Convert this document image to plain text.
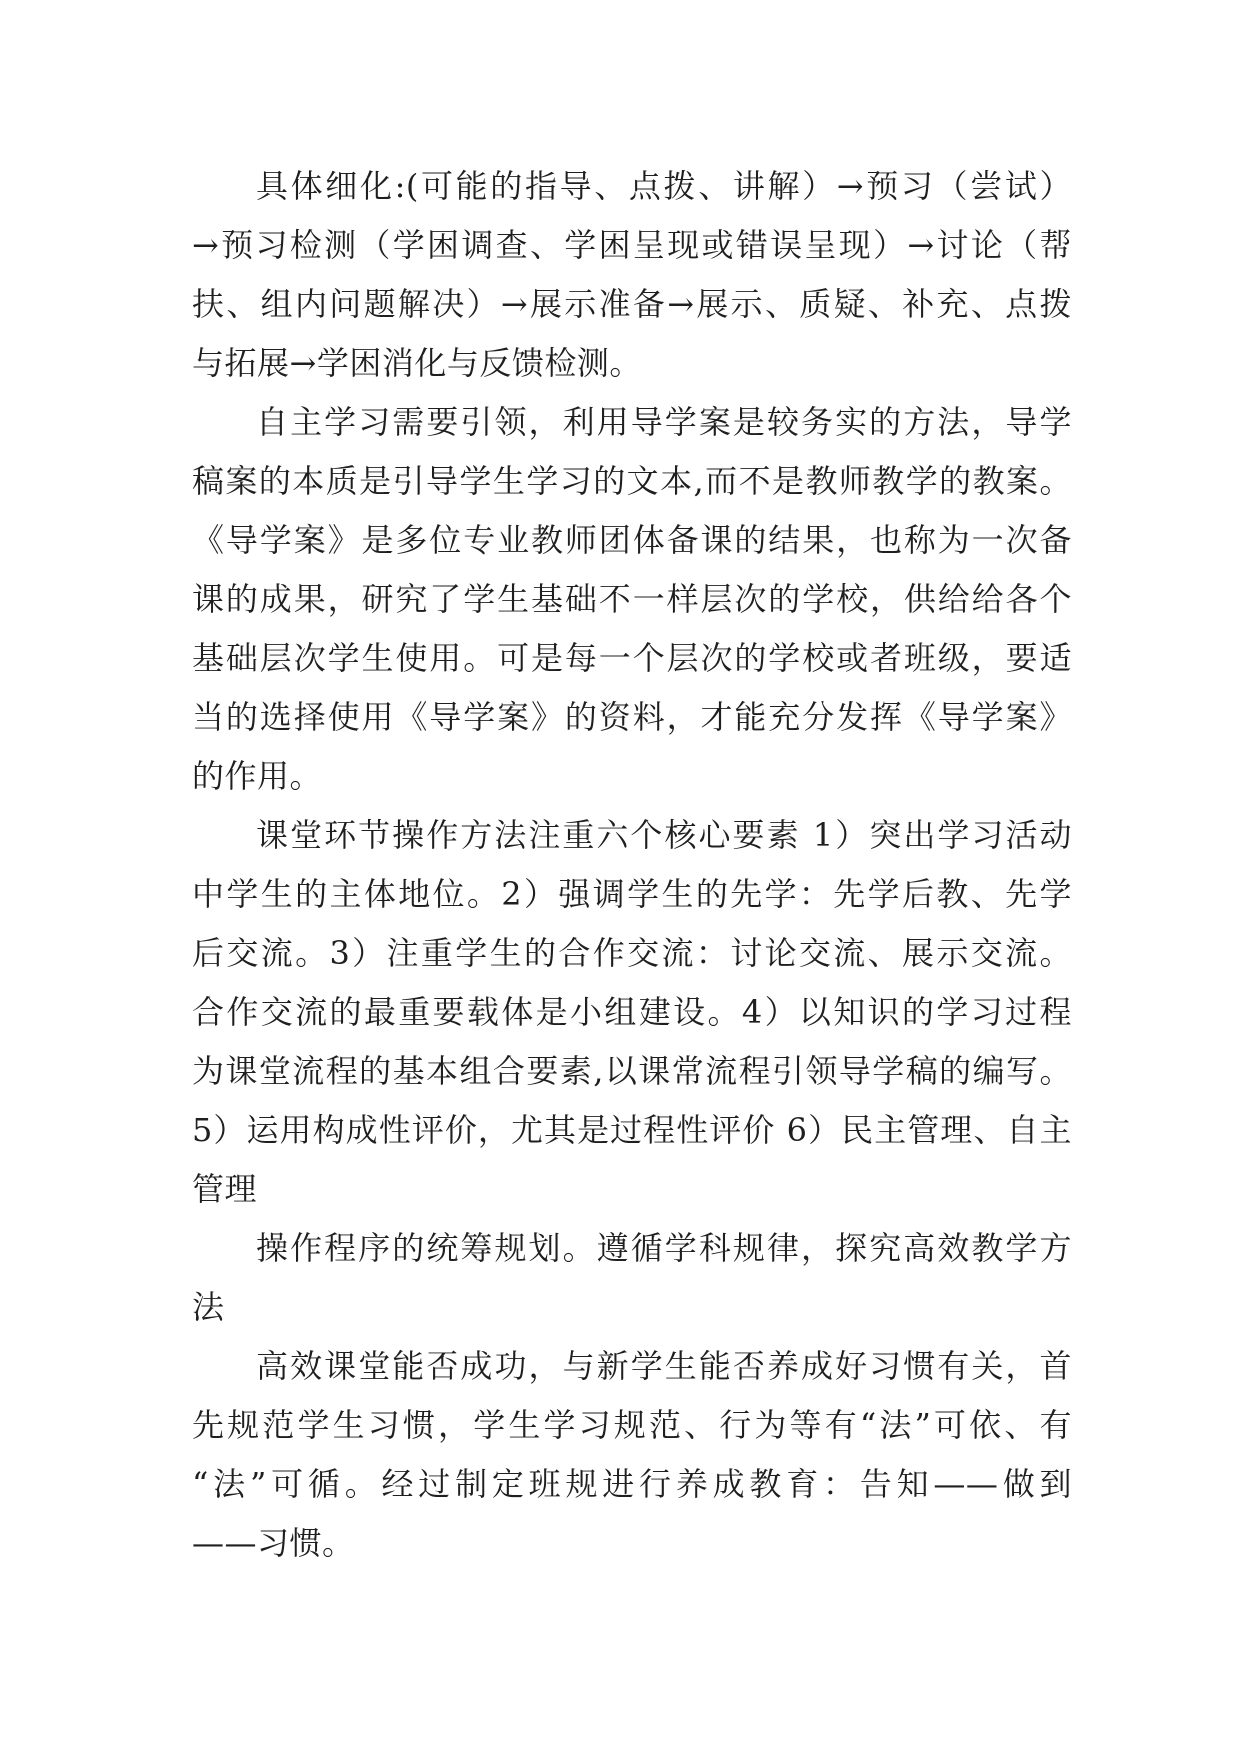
具体细化:(可能的指导、点拨、讲解）→预习（尝试）
→预习检测（学困调查、学困呈现或错误呈现）→讨论（帮
扶、组内问题解决）→展示准备→展示、质疑、补充、点拨
与拓展→学困消化与反馈检测。
自主学习需要引领，利用导学案是较务实的方法，导学
稿案的本质是引导学生学习的文本,而不是教师教学的教案。
《导学案》是多位专业教师团体备课的结果，也称为一次备
课的成果，研究了学生基础不一样层次的学校，供给给各个
基础层次学生使用。可是每一个层次的学校或者班级，要适
当的选择使用《导学案》的资料，才能充分发挥《导学案》
的作用。
课堂环节操作方法注重六个核心要素 1）突出学习活动
中学生的主体地位。2）强调学生的先学：先学后教、先学
后交流。3）注重学生的合作交流：讨论交流、展示交流。
合作交流的最重要载体是小组建设。4）以知识的学习过程
为课堂流程的基本组合要素,以课常流程引领导学稿的编写。
5）运用构成性评价，尤其是过程性评价 6）民主管理、自主
管理
操作程序的统筹规划。遵循学科规律，探究高效教学方
法
高效课堂能否成功，与新学生能否养成好习惯有关，首
先规范学生习惯，学生学习规范、行为等有“法”可依、有
“法”可循。经过制定班规进行养成教育：告知——做到
——习惯。
